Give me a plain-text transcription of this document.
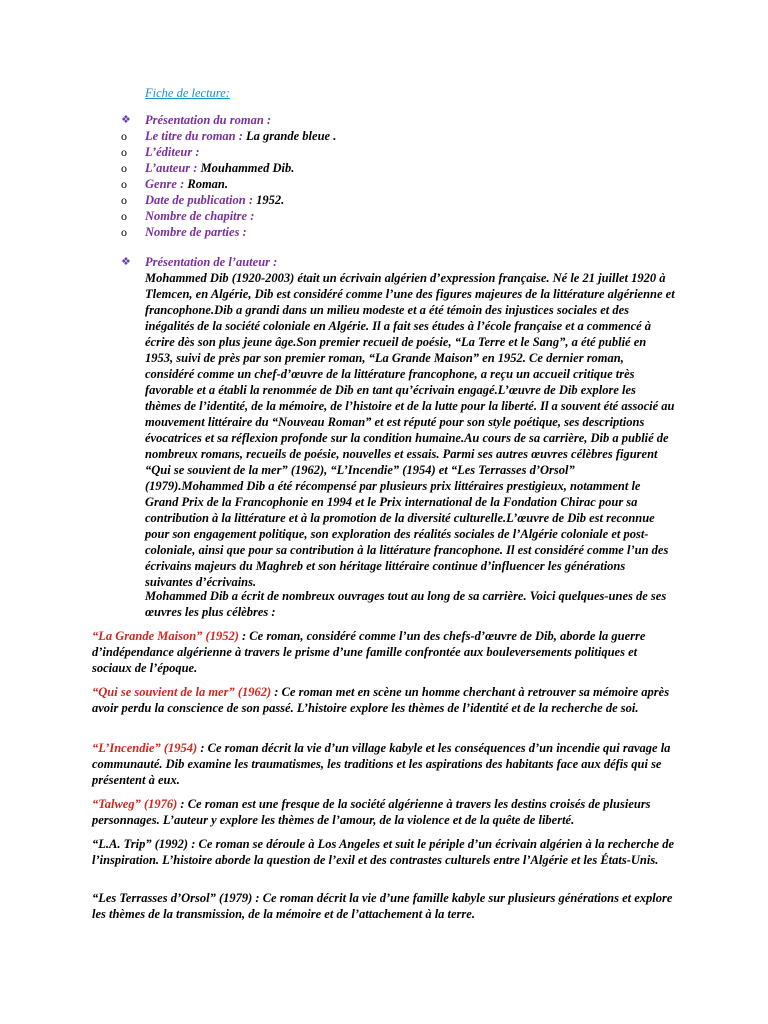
Fiche de lecture:
❖	Présentation du roman :
o	Le titre du roman : La grande bleue .
o	L’éditeur :
o	L’auteur : Mouhammed Dib.
o	Genre : Roman.
o	Date de publication : 1952.
o	Nombre de chapitre :
o	Nombre de parties :
❖	Présentation de l’auteur :

Mohammed Dib (1920-2003) était un écrivain algérien d’expression française. Né le 21 juillet 1920 à Tlemcen, en Algérie, Dib est considéré comme l’une des figures majeures de la littérature algérienne et francophone.Dib a grandi dans un milieu modeste et a été témoin des injustices sociales et des inégalités de la société coloniale en Algérie. Il a fait ses études à l’école française et a commencé à écrire dès son plus jeune âge.Son premier recueil de poésie, “La Terre et le Sang”, a été publié en 1953, suivi de près par son premier roman, “La Grande Maison” en 1952. Ce dernier roman, considéré comme un chef-d’œuvre de la littérature francophone, a reçu un accueil critique très favorable et a établi la renommée de Dib en tant qu’écrivain engagé.L’œuvre de Dib explore les thèmes de l’identité, de la mémoire, de l’histoire et de la lutte pour la liberté. Il a souvent été associé au mouvement littéraire du “Nouveau Roman” et est réputé pour son style poétique, ses descriptions évocatrices et sa réflexion profonde sur la condition humaine.Au cours de sa carrière, Dib a publié de nombreux romans, recueils de poésie, nouvelles et essais. Parmi ses autres œuvres célèbres figurent “Qui se souvient de la mer” (1962), “L’Incendie” (1954) et “Les Terrasses d’Orsol” (1979).Mohammed Dib a été récompensé par plusieurs prix littéraires prestigieux, notamment le Grand Prix de la Francophonie en 1994 et le Prix international de la Fondation Chirac pour sa contribution à la littérature et à la promotion de la diversité culturelle.L’œuvre de Dib est reconnue pour son engagement politique, son exploration des réalités sociales de l’Algérie coloniale et post-coloniale, ainsi que pour sa contribution à la littérature francophone. Il est considéré comme l’un des écrivains majeurs du Maghreb et son héritage littéraire continue d’influencer les générations suivantes d’écrivains.

Mohammed Dib a écrit de nombreux ouvrages tout au long de sa carrière. Voici quelques-unes de ses œuvres les plus célèbres :

“La Grande Maison” (1952) : Ce roman, considéré comme l’un des chefs-d’œuvre de Dib, aborde la guerre d’indépendance algérienne à travers le prisme d’une famille confrontée aux bouleversements politiques et sociaux de l’époque.

“Qui se souvient de la mer” (1962) : Ce roman met en scène un homme cherchant à retrouver sa mémoire après avoir perdu la conscience de son passé. L’histoire explore les thèmes de l’identité et de la recherche de soi.

“L’Incendie” (1954) : Ce roman décrit la vie d’un village kabyle et les conséquences d’un incendie qui ravage la communauté. Dib examine les traumatismes, les traditions et les aspirations des habitants face aux défis qui se présentent à eux.

“Talweg” (1976) : Ce roman est une fresque de la société algérienne à travers les destins croisés de plusieurs personnages. L’auteur y explore les thèmes de l’amour, de la violence et de la quête de liberté.

“L.A. Trip” (1992) : Ce roman se déroule à Los Angeles et suit le périple d’un écrivain algérien à la recherche de l’inspiration. L’histoire aborde la question de l’exil et des contrastes culturels entre l’Algérie et les États-Unis.

“Les Terrasses d’Orsol” (1979) : Ce roman décrit la vie d’une famille kabyle sur plusieurs générations et explore les thèmes de la transmission, de la mémoire et de l’attachement à la terre.
